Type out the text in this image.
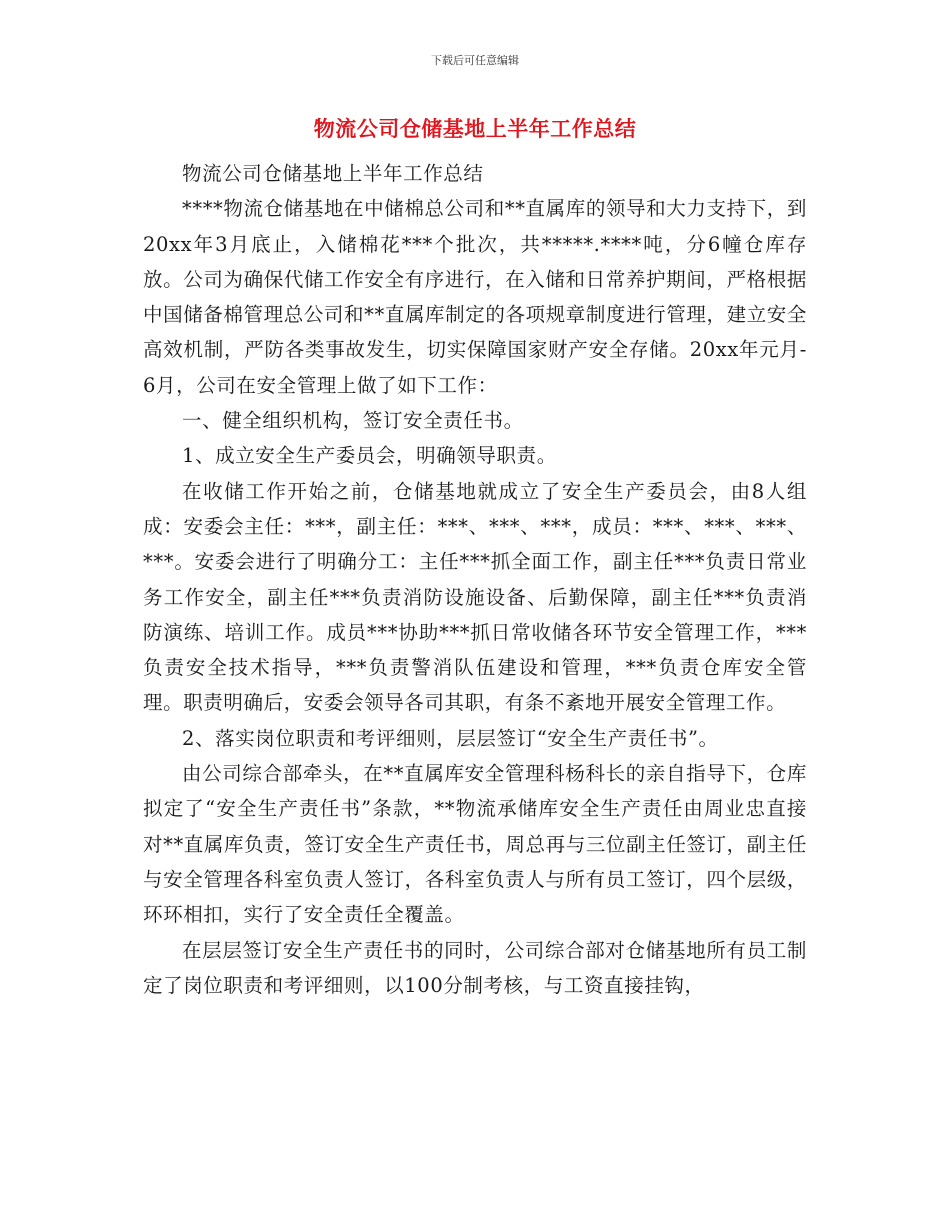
下载后可任意编辑
物流公司仓储基地上半年工作总结

物流公司仓储基地上半年工作总结

****物流仓储基地在中储棉总公司和**直属库的领导和大力支持下，到20xx年3月底止，入储棉花***个批次，共*****.****吨，分6幢仓库存放。公司为确保代储工作安全有序进行，在入储和日常养护期间，严格根据中国储备棉管理总公司和**直属库制定的各项规章制度进行管理，建立安全高效机制，严防各类事故发生，切实保障国家财产安全存储。20xx年元月-6月，公司在安全管理上做了如下工作：

一、健全组织机构，签订安全责任书。

1、成立安全生产委员会，明确领导职责。

在收储工作开始之前，仓储基地就成立了安全生产委员会，由8人组成：安委会主任：***，副主任：***、***、***，成员：***、***、***、***。安委会进行了明确分工：主任***抓全面工作，副主任***负责日常业务工作安全，副主任***负责消防设施设备、后勤保障，副主任***负责消防演练、培训工作。成员***协助***抓日常收储各环节安全管理工作，***负责安全技术指导，***负责警消队伍建设和管理，***负责仓库安全管理。职责明确后，安委会领导各司其职，有条不紊地开展安全管理工作。

2、落实岗位职责和考评细则，层层签订“安全生产责任书”。

由公司综合部牵头，在**直属库安全管理科杨科长的亲自指导下，仓库拟定了“安全生产责任书”条款，**物流承储库安全生产责任由周业忠直接对**直属库负责，签订安全生产责任书，周总再与三位副主任签订，副主任与安全管理各科室负责人签订，各科室负责人与所有员工签订，四个层级，环环相扣，实行了安全责任全覆盖。

在层层签订安全生产责任书的同时，公司综合部对仓储基地所有员工制定了岗位职责和考评细则，以100分制考核，与工资直接挂钩，
